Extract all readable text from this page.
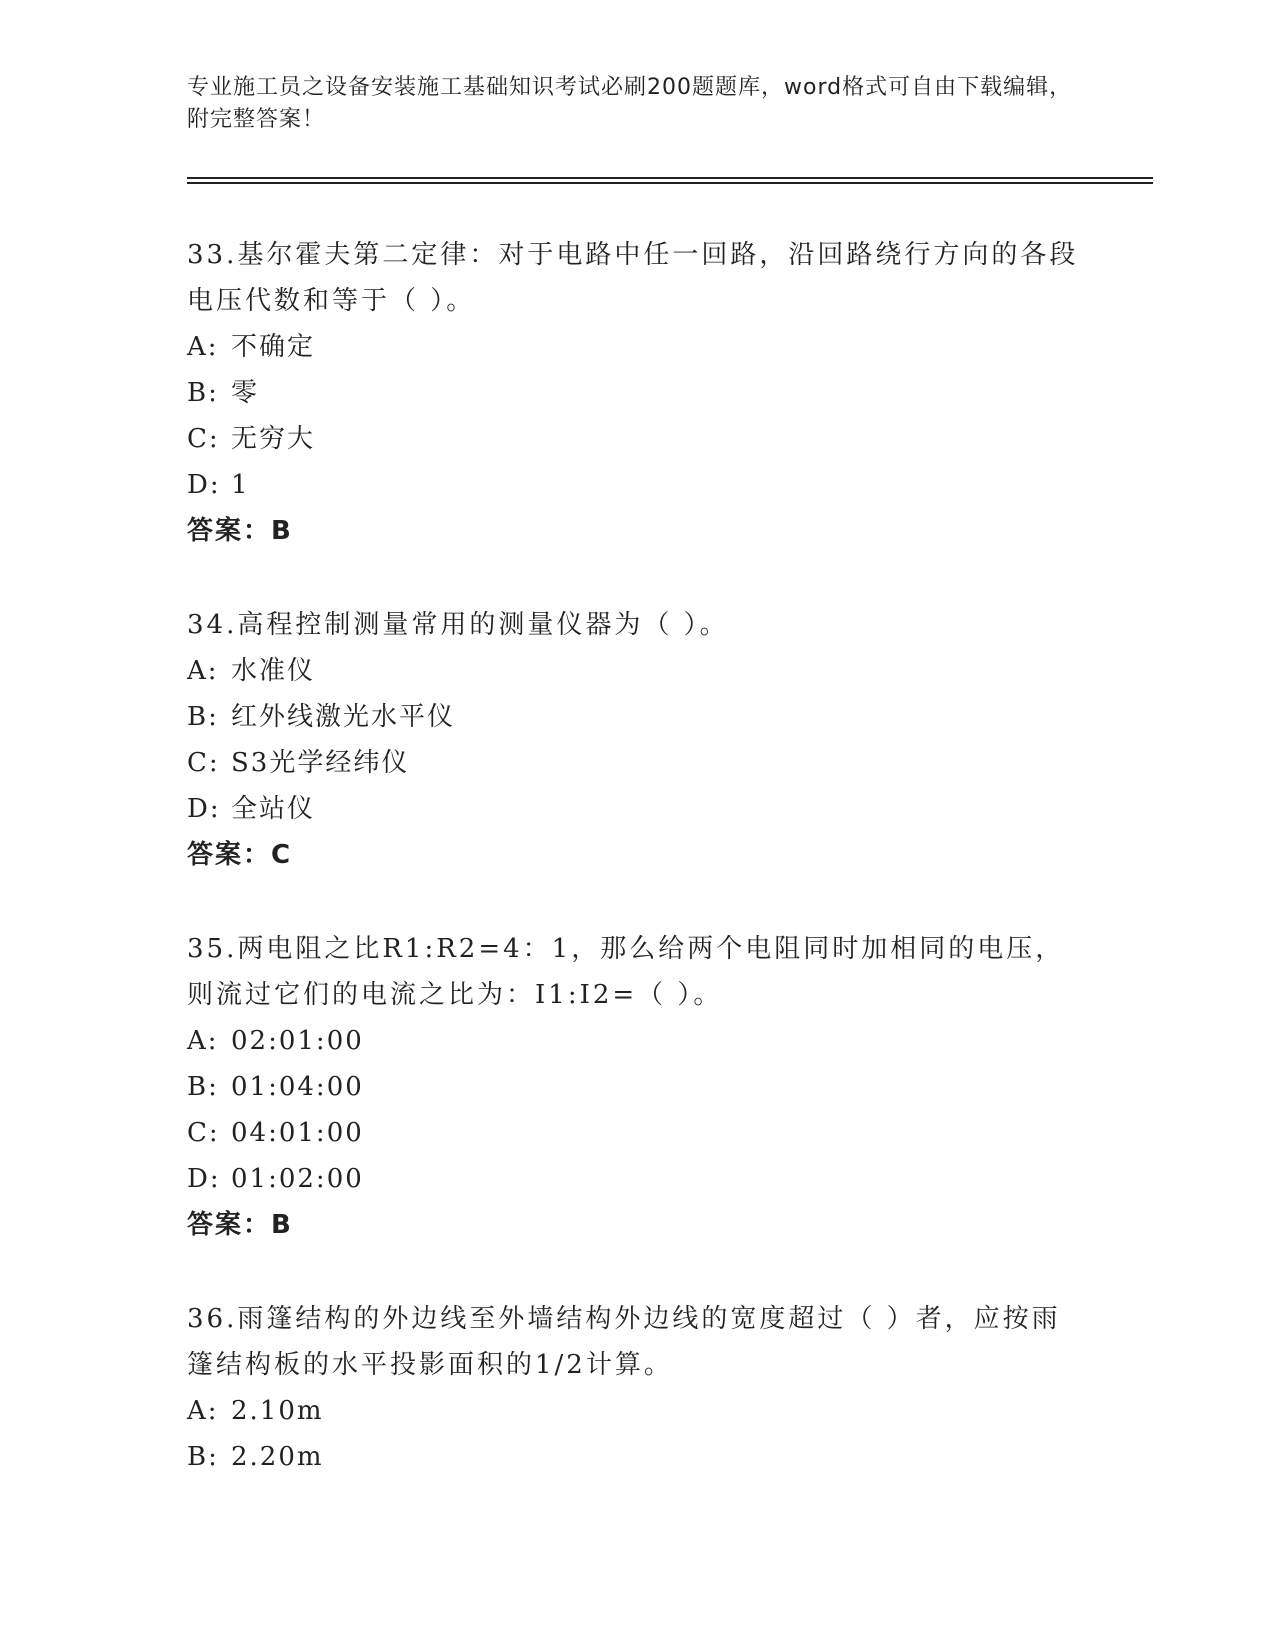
专业施工员之设备安装施工基础知识考试必刷200题题库，word格式可自由下载编辑，附完整答案！
33.基尔霍夫第二定律：对于电路中任一回路，沿回路绕行方向的各段电压代数和等于（ ）。
A: 不确定
B: 零
C: 无穷大
D: 1
答案：B
34.高程控制测量常用的测量仪器为（ ）。
A: 水准仪
B: 红外线激光水平仪
C: S3光学经纬仪
D: 全站仪
答案：C
35.两电阻之比R1:R2=4：1，那么给两个电阻同时加相同的电压，则流过它们的电流之比为：I1:I2=（ ）。
A: 02:01:00
B: 01:04:00
C: 04:01:00
D: 01:02:00
答案：B
36.雨篷结构的外边线至外墙结构外边线的宽度超过（ ）者，应按雨篷结构板的水平投影面积的1/2计算。
A: 2.10m
B: 2.20m
